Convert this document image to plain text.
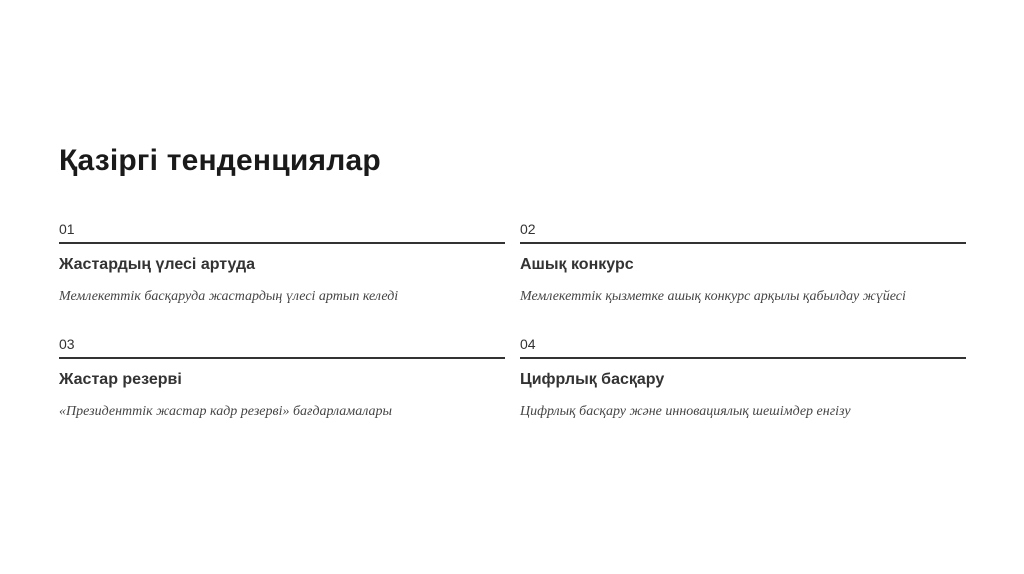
Қазіргі тенденциялар
01
Жастардың үлесі артуда
Мемлекеттік басқаруда жастардың үлесі артып келеді
02
Ашық конкурс
Мемлекеттік қызметке ашық конкурс арқылы қабылдау жүйесі
03
Жастар резерві
«Президенттік жастар кадр резерві» бағдарламалары
04
Цифрлық басқару
Цифрлық басқару және инновациялық шешімдер енгізу
